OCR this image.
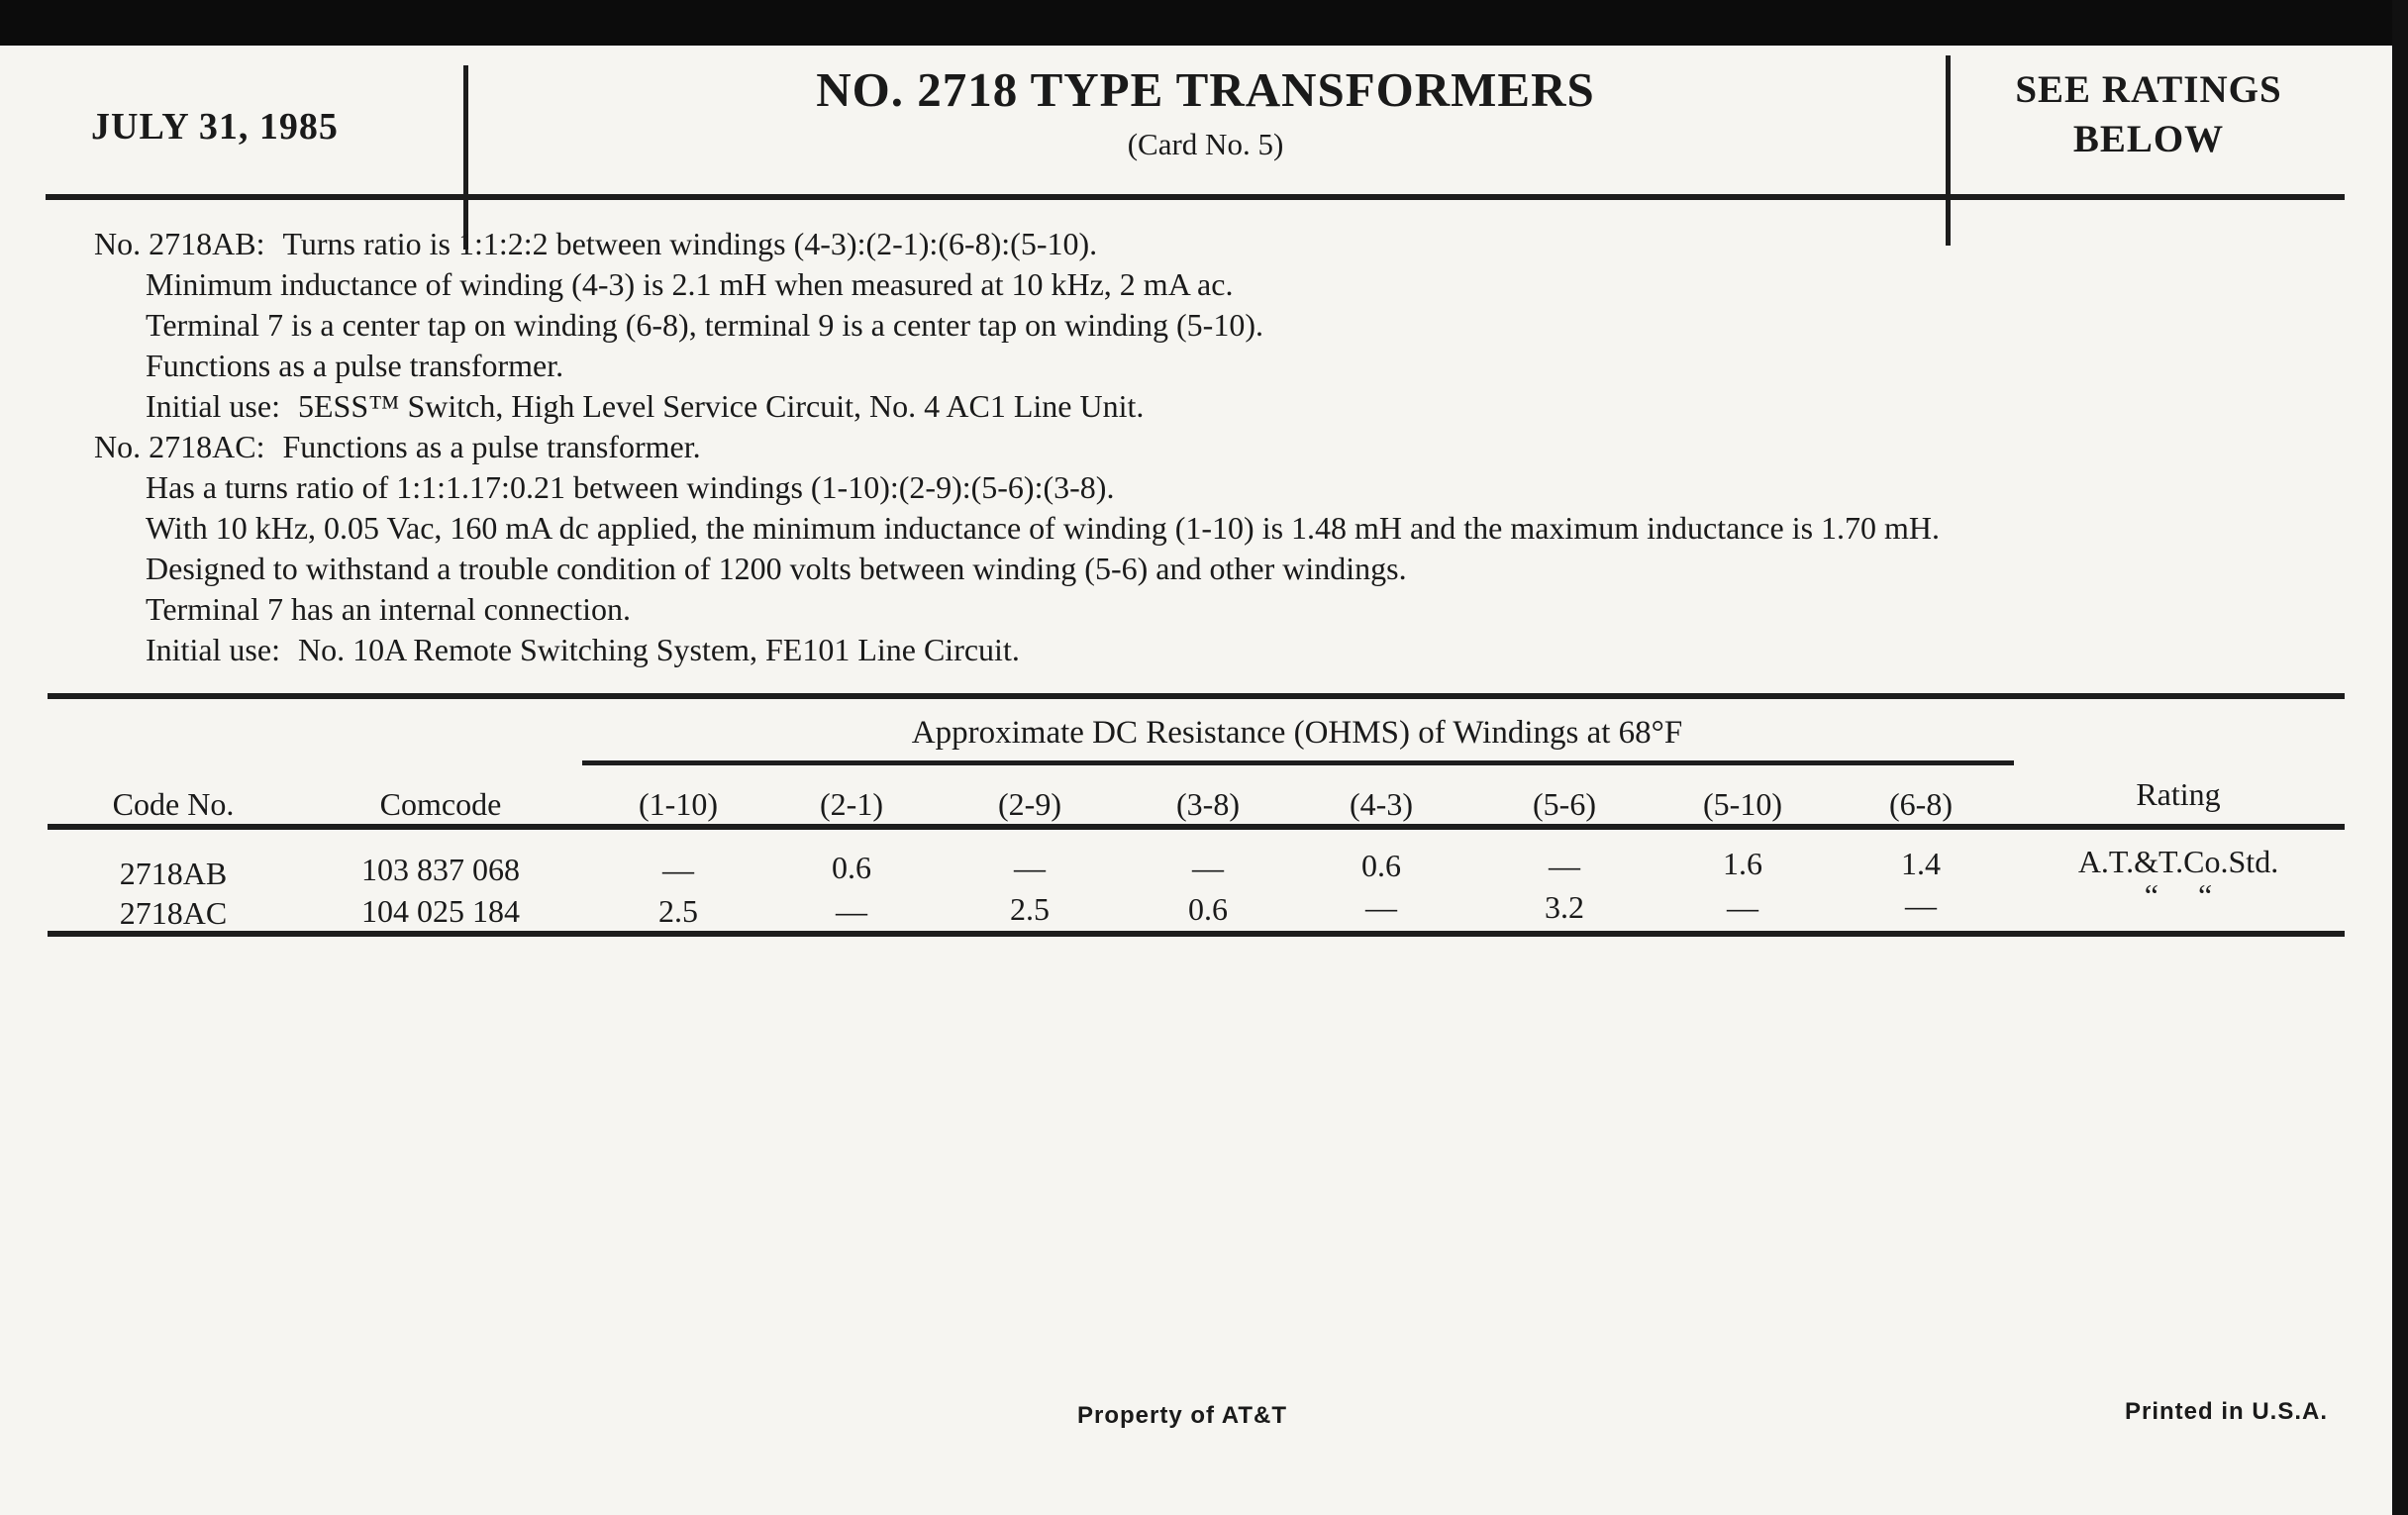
JULY 31, 1985
NO. 2718 TYPE TRANSFORMERS
(Card No. 5)
SEE RATINGS
BELOW
No. 2718AB: Turns ratio is 1:1:2:2 between windings (4-3):(2-1):(6-8):(5-10).
Minimum inductance of winding (4-3) is 2.1 mH when measured at 10 kHz, 2 mA ac.
Terminal 7 is a center tap on winding (6-8), terminal 9 is a center tap on winding (5-10).
Functions as a pulse transformer.
Initial use: 5ESS™ Switch, High Level Service Circuit, No. 4 AC1 Line Unit.
No. 2718AC: Functions as a pulse transformer.
Has a turns ratio of 1:1:1.17:0.21 between windings (1-10):(2-9):(5-6):(3-8).
With 10 kHz, 0.05 Vac, 160 mA dc applied, the minimum inductance of winding (1-10) is 1.48 mH and the maximum inductance is 1.70 mH.
Designed to withstand a trouble condition of 1200 volts between winding (5-6) and other windings.
Terminal 7 has an internal connection.
Initial use: No. 10A Remote Switching System, FE101 Line Circuit.
Approximate DC Resistance (OHMS) of Windings at 68°F
Code No.	Comcode	(1-10)	(2-1)	(2-9)	(3-8)	(4-3)	(5-6)	(5-10)	(6-8)	Rating
2718AB	103 837 068	—	0.6	—	—	0.6	—	1.6	1.4	A.T.&T.Co.Std.
2718AC	104 025 184	2.5	—	2.5	0.6	—	3.2	—	—	“     “
Property of AT&T	Printed in U.S.A.
